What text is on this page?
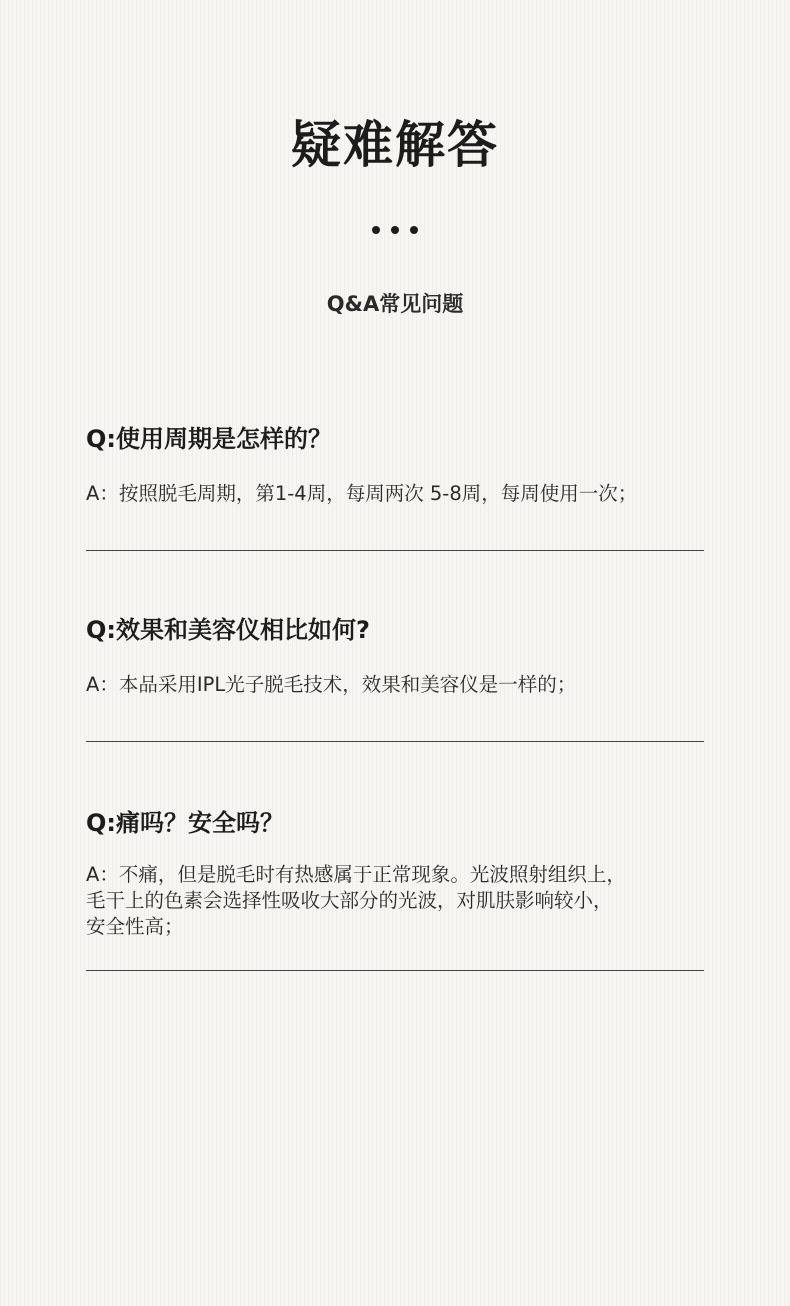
疑难解答
Q&A常见问题
Q:使用周期是怎样的？
A：按照脱毛周期，第1-4周，每周两次 5-8周，每周使用一次；
Q:效果和美容仪相比如何?
A：本品采用IPL光子脱毛技术，效果和美容仪是一样的；
Q:痛吗？安全吗？
A：不痛，但是脱毛时有热感属于正常现象。光波照射组织上，
毛干上的色素会选择性吸收大部分的光波，对肌肤影响较小，
安全性高；
